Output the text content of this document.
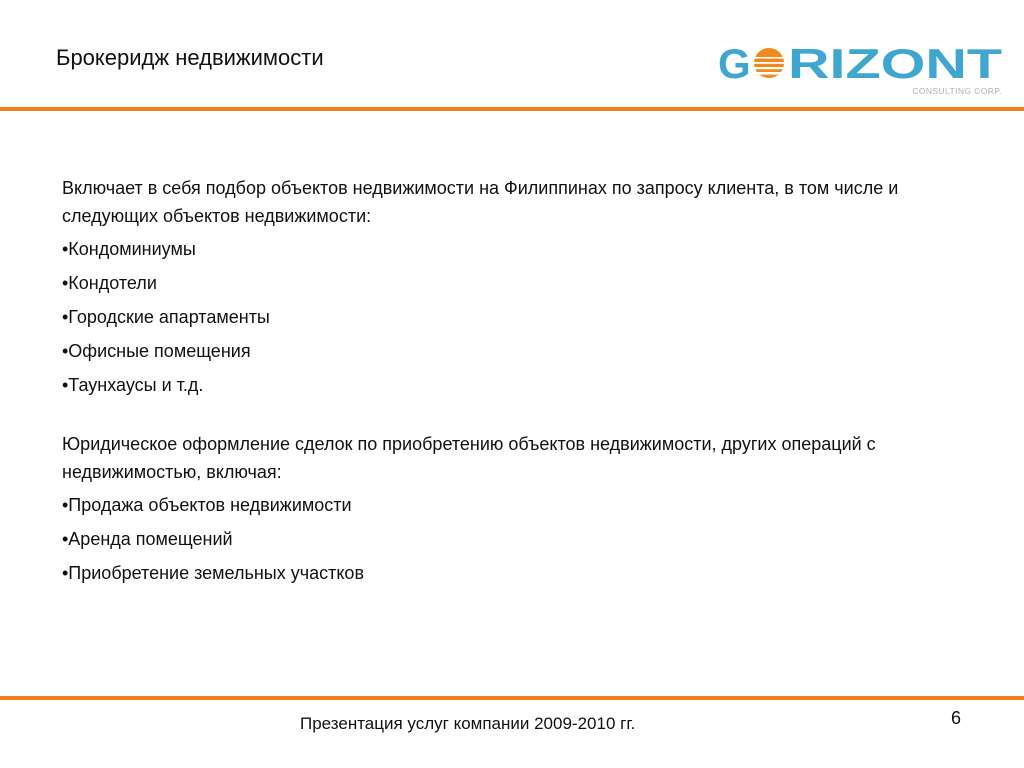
Брокеридж недвижимости	G RIZONT
CONSULTING CORP.

Включает в себя подбор объектов недвижимости на Филиппинах по запросу клиента, в том числе и следующих объектов недвижимости:

•Кондоминиумы

•Кондотели

•Городские апартаменты

•Офисные помещения

•Таунхаусы и т.д.

Юридическое оформление сделок по приобретению объектов недвижимости, других операций с недвижимостью, включая:

•Продажа объектов недвижимости

•Аренда помещений

•Приобретение земельных участков

Презентация услуг компании 2009-2010 гг.	6
